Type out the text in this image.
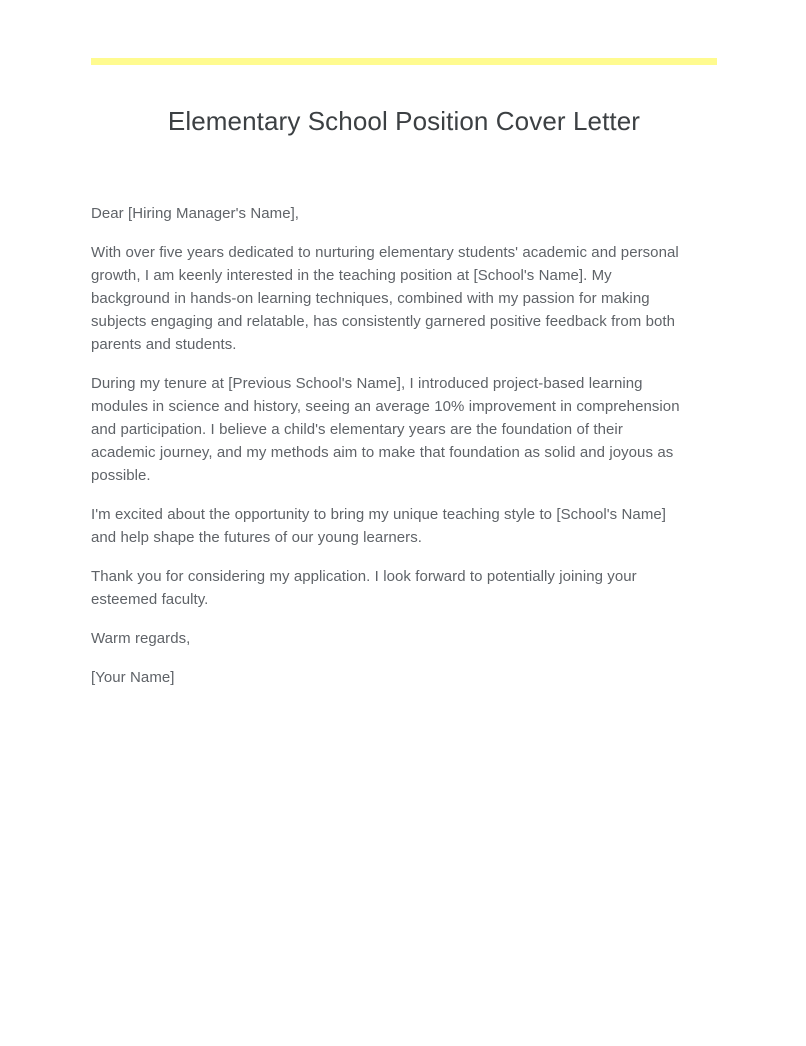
Elementary School Position Cover Letter

Dear [Hiring Manager's Name],

With over five years dedicated to nurturing elementary students' academic and personal growth, I am keenly interested in the teaching position at [School's Name]. My background in hands-on learning techniques, combined with my passion for making subjects engaging and relatable, has consistently garnered positive feedback from both parents and students.

During my tenure at [Previous School's Name], I introduced project-based learning modules in science and history, seeing an average 10% improvement in comprehension and participation. I believe a child's elementary years are the foundation of their academic journey, and my methods aim to make that foundation as solid and joyous as possible.

I'm excited about the opportunity to bring my unique teaching style to [School's Name] and help shape the futures of our young learners.

Thank you for considering my application. I look forward to potentially joining your esteemed faculty.

Warm regards,

[Your Name]
